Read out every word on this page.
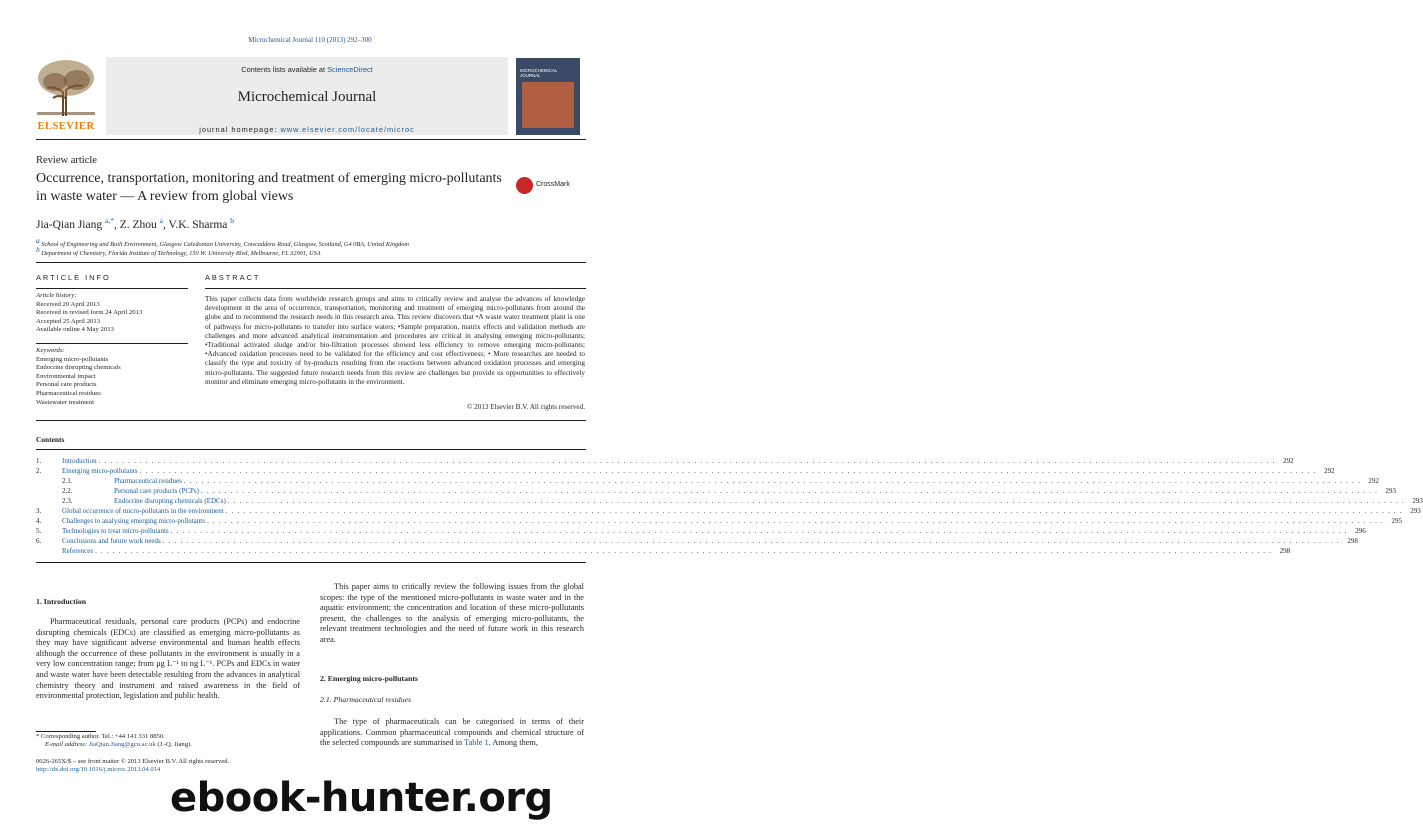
Microchemical Journal 110 (2013) 292–300
Contents lists available at ScienceDirect
Microchemical Journal
journal homepage: www.elsevier.com/locate/microc
ELSEVIER
MICROCHEMICAL JOURNAL
Review article
Occurrence, transportation, monitoring and treatment of emerging micro-pollutants in waste water — A review from global views
CrossMark
Jia-Qian Jiang $^{a,*}$, Z. Zhou $^a$, V.K. Sharma $^b$
a School of Engineering and Built Environment, Glasgow Caledonian University, Cowcaddens Road, Glasgow, Scotland, G4 0BA, United Kingdom
b Department of Chemistry, Florida Institute of Technology, 150 W. University Blvd, Melbourne, FL 32901, USA
ARTICLE INFO
Article history:
Received 20 April 2013
Received in revised form 24 April 2013
Accepted 25 April 2013
Available online 4 May 2013
Keywords:
Emerging micro-pollutants
Endocrine disrupting chemicals
Environmental impact
Personal care products
Pharmaceutical residues
Wastewater treatment
ABSTRACT
This paper collects data from worldwide research groups and aims to critically review and analyse the advances of knowledge development in the area of occurrence, transportation, monitoring and treatment of emerging micro-pollutants from around the globe and to recommend the research needs in this research area. This review discovers that •A waste water treatment plant is one of pathways for micro-pollutants to transfer into surface waters; •Sample preparation, matrix effects and validation methods are challenges and more advanced analytical instrumentation and procedures are critical in analysing emerging micro-pollutants; •Traditional activated sludge and/or bio-filtration processes showed less efficiency to remove emerging micro-pollutants; •Advanced oxidation processes need to be validated for the efficiency and cost effectiveness; • More researches are needed to classify the type and toxicity of by-products resulting from the reactions between advanced oxidation processes and emerging micro-pollutants. The suggested future research needs from this review are challenges but provide us opportunities to effectively monitor and eliminate emerging micro-pollutants in the environment.
© 2013 Elsevier B.V. All rights reserved.
Contents
1.	Introduction . . . . . . . . . . . . . . . . . . . . . . . . . . . . . . . . . . . . . . . . . . . . . . . . . . . . . . . . . . . . . . . . . . . . . . . . . . . . . . . . . . . . . . . . . . . . . . . . . . . . . . . . . . . . . . . . . . . . . . . . . . . . . . . . . . . . . . . . . . . . . . . . . . . . . . . . . . . . . . . . . . . . . . . . . . . . . . . . . . . . . . . . . . . . . . . . . . . . . . . .	292
2.	Emerging micro-pollutants . . . . . . . . . . . . . . . . . . . . . . . . . . . . . . . . . . . . . . . . . . . . . . . . . . . . . . . . . . . . . . . . . . . . . . . . . . . . . . . . . . . . . . . . . . . . . . . . . . . . . . . . . . . . . . . . . . . . . . . . . . . . . . . . . . . . . . . . . . . . . . . . . . . . . . . . . . . . . . . . . . . . . . . . . . . . . . . . . . . . . . . . . . . . . . . . . . . . . . . .	292
2.1.	Pharmaceutical residues . . . . . . . . . . . . . . . . . . . . . . . . . . . . . . . . . . . . . . . . . . . . . . . . . . . . . . . . . . . . . . . . . . . . . . . . . . . . . . . . . . . . . . . . . . . . . . . . . . . . . . . . . . . . . . . . . . . . . . . . . . . . . . . . . . . . . . . . . . . . . . . . . . . . . . . . . . . . . . . . . . . . . . . . . . . . . . . . . . . . . . . . . . . . . . . . . . . . . . . .	292
2.2.	Personal care products (PCPs) . . . . . . . . . . . . . . . . . . . . . . . . . . . . . . . . . . . . . . . . . . . . . . . . . . . . . . . . . . . . . . . . . . . . . . . . . . . . . . . . . . . . . . . . . . . . . . . . . . . . . . . . . . . . . . . . . . . . . . . . . . . . . . . . . . . . . . . . . . . . . . . . . . . . . . . . . . . . . . . . . . . . . . . . . . . . . . . . . . . . . . . . . . . . . . . . . . . . . . . .	293
2.3.	Endocrine disrupting chemicals (EDCs) . . . . . . . . . . . . . . . . . . . . . . . . . . . . . . . . . . . . . . . . . . . . . . . . . . . . . . . . . . . . . . . . . . . . . . . . . . . . . . . . . . . . . . . . . . . . . . . . . . . . . . . . . . . . . . . . . . . . . . . . . . . . . . . . . . . . . . . . . . . . . . . . . . . . . . . . . . . . . . . . . . . . . . . . . . . . . . . . . . . . . . . . . . . . . . . . . . . . . . . .	293
3.	Global occurrence of micro-pollutants in the environment . . . . . . . . . . . . . . . . . . . . . . . . . . . . . . . . . . . . . . . . . . . . . . . . . . . . . . . . . . . . . . . . . . . . . . . . . . . . . . . . . . . . . . . . . . . . . . . . . . . . . . . . . . . . . . . . . . . . . . . . . . . . . . . . . . . . . . . . . . . . . . . . . . . . . . . . . . . . . . . . . . . . . . . . . . . . . . . . . . . . . . . . . . . . . . . . . . . . . . . .	293
4.	Challenges to analysing emerging micro-pollutants . . . . . . . . . . . . . . . . . . . . . . . . . . . . . . . . . . . . . . . . . . . . . . . . . . . . . . . . . . . . . . . . . . . . . . . . . . . . . . . . . . . . . . . . . . . . . . . . . . . . . . . . . . . . . . . . . . . . . . . . . . . . . . . . . . . . . . . . . . . . . . . . . . . . . . . . . . . . . . . . . . . . . . . . . . . . . . . . . . . . . . . . . . . . . . . . . . . . . . . .	295
5.	Technologies to treat micro-pollutants . . . . . . . . . . . . . . . . . . . . . . . . . . . . . . . . . . . . . . . . . . . . . . . . . . . . . . . . . . . . . . . . . . . . . . . . . . . . . . . . . . . . . . . . . . . . . . . . . . . . . . . . . . . . . . . . . . . . . . . . . . . . . . . . . . . . . . . . . . . . . . . . . . . . . . . . . . . . . . . . . . . . . . . . . . . . . . . . . . . . . . . . . . . . . . . . . . . . . . . .	296
6.	Conclusions and future work needs . . . . . . . . . . . . . . . . . . . . . . . . . . . . . . . . . . . . . . . . . . . . . . . . . . . . . . . . . . . . . . . . . . . . . . . . . . . . . . . . . . . . . . . . . . . . . . . . . . . . . . . . . . . . . . . . . . . . . . . . . . . . . . . . . . . . . . . . . . . . . . . . . . . . . . . . . . . . . . . . . . . . . . . . . . . . . . . . . . . . . . . . . . . . . . . . . . . . . . . .	298
References . . . . . . . . . . . . . . . . . . . . . . . . . . . . . . . . . . . . . . . . . . . . . . . . . . . . . . . . . . . . . . . . . . . . . . . . . . . . . . . . . . . . . . . . . . . . . . . . . . . . . . . . . . . . . . . . . . . . . . . . . . . . . . . . . . . . . . . . . . . . . . . . . . . . . . . . . . . . . . . . . . . . . . . . . . . . . . . . . . . . . . . . . . . . . . . . . . . . . . . .	298
1. Introduction
Pharmaceutical residuals, personal care products (PCPs) and endocrine disrupting chemicals (EDCs) are classified as emerging micro-pollutants as they may have significant adverse environmental and human health effects although the occurrence of these pollutants in the environment is usually in a very low concentration range; from μg L⁻¹ to ng L⁻¹. PCPs and EDCs in water and waste water have been detectable resulting from the advances in analytical chemistry theory and instrument and raised awareness in the field of environmental protection, legislation and public health.
* Corresponding author. Tel.: +44 141 331 8850.
E-mail address: JiaQian.Jiang@gcu.ac.uk (J.-Q. Jiang).
0026-265X/$ – see front matter © 2013 Elsevier B.V. All rights reserved.
http://dx.doi.org/10.1016/j.microc.2013.04.014
This paper aims to critically review the following issues from the global scopes: the type of the mentioned micro-pollutants in waste water and in the aquatic environment; the concentration and location of these micro-pollutants present, the challenges to the analysis of emerging micro-pollutants, the relevant treatment technologies and the need of future work in this research area.
2. Emerging micro-pollutants
2.1. Pharmaceutical residues
The type of pharmaceuticals can be categorised in terms of their applications. Common pharmaceutical compounds and chemical structure of the selected compounds are summarised in Table 1. Among them,
ebook-hunter.org
